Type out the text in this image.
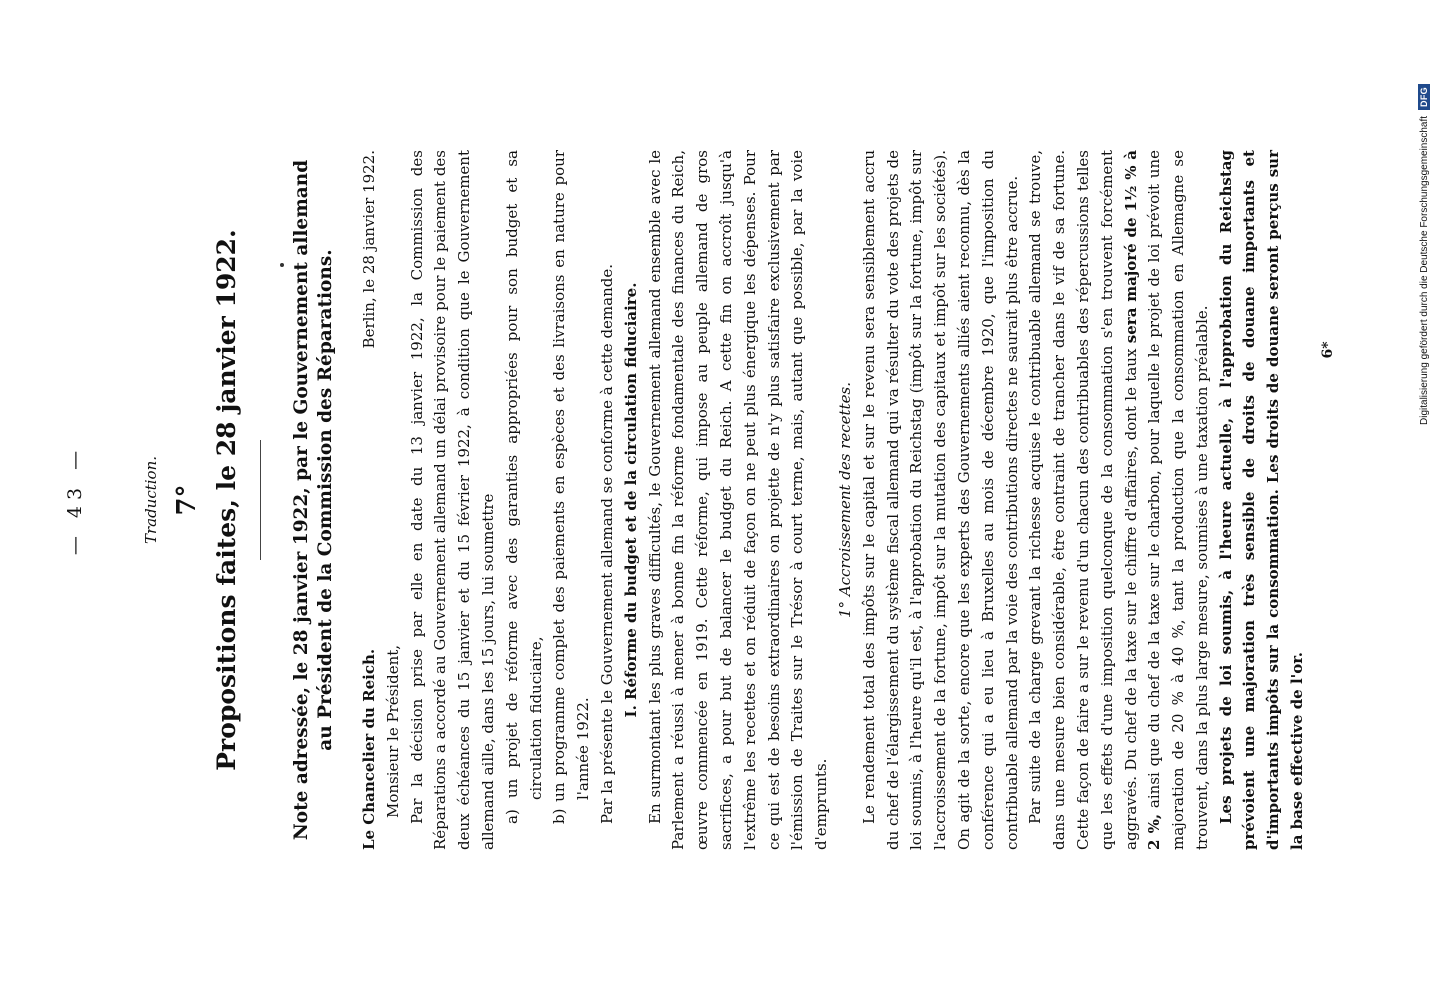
Digitalisierung gefördert durch die Deutsche Forschungsgemeinschaft
DFG
— 43 —	Traduction. 7° Propositions faites, le 28 janvier 1922.	Note adressée, le 28 janvier 1922, par le Gouvernement allemand au Président de la Commission des Réparations. Le Chancelier du Reich.
Berlin, le 28 janvier 1922.

Monsieur le Président, Par la décision prise par elle en date du 13 janvier 1922, la Commission des Réparations a accordé au Gouvernement allemand un délai provisoire pour le paiement des deux échéances du 15 janvier et du 15 février 1922, à condition que le Gouvernement allemand aille, dans les 15 jours, lui soumettre a) un projet de réforme avec des garanties appropriées pour son budget et sa circulation fiduciaire, b) un programme complet des paiements en espèces et des livraisons en nature pour l'année 1922. Par la présente le Gouvernement allemand se conforme à cette demande. I. Réforme du budget et de la circulation fiduciaire. En surmontant les plus graves difficultés, le Gouvernement allemand ensemble avec le Parlement a réussi à mener à bonne fin la réforme fondamentale des finances du Reich, œuvre commencée en 1919. Cette réforme, qui impose au peuple allemand de gros sacrifices, a pour but de balancer le budget du Reich. A cette fin on accroît jusqu'à l'extrême les recettes et on réduit de façon on ne peut plus énergique les dépenses. Pour ce qui est de besoins extraordinaires on projette de n'y plus satisfaire exclusivement par l'émission de Traites sur le Trésor à court terme, mais, autant que possible, par la voie d'emprunts.

1° Accroissement des recettes. Le rendement total des impôts sur le capital et sur le revenu sera sensiblement accru du chef de l'élargissement du système fiscal allemand qui va résulter du vote des projets de loi soumis, à l'heure qu'il est, à l'approbation du Reichstag (impôt sur la fortune, impôt sur l'accroissement de la fortune, impôt sur la mutation des capitaux et impôt sur les sociétés). On agit de la sorte, encore que les experts des Gouvernements alliés aient reconnu, dès la conférence qui a eu lieu à Bruxelles au mois de décembre 1920, que l'imposition du contribuable allemand par la voie des contributions directes ne saurait plus être accrue. Par suite de la charge grevant la richesse acquise le contribuable allemand se trouve, dans une mesure bien considérable, être contraint de trancher dans le vif de sa fortune. Cette façon de faire a sur le revenu d'un chacun des contribuables des répercussions telles que les effets d'une imposition quelconque de la consommation s'en trouvent forcément aggravés. Du chef de la taxe sur le chiffre d'affaires, dont le taux sera majoré de 1½ % à 2 %, ainsi que du chef de la taxe sur le charbon, pour laquelle le projet de loi prévoit une majoration de 20 % à 40 %, tant la production que la consommation en Allemagne se trouvent, dans la plus large mesure, soumises à une taxation préalable. Les projets de loi soumis, à l'heure actuelle, à l'approbation du Reichstag prévoient une majoration très sensible de droits de douane importants et d'importants impôts sur la consommation. Les droits de douane seront perçus sur la base effective de l'or.

6*
